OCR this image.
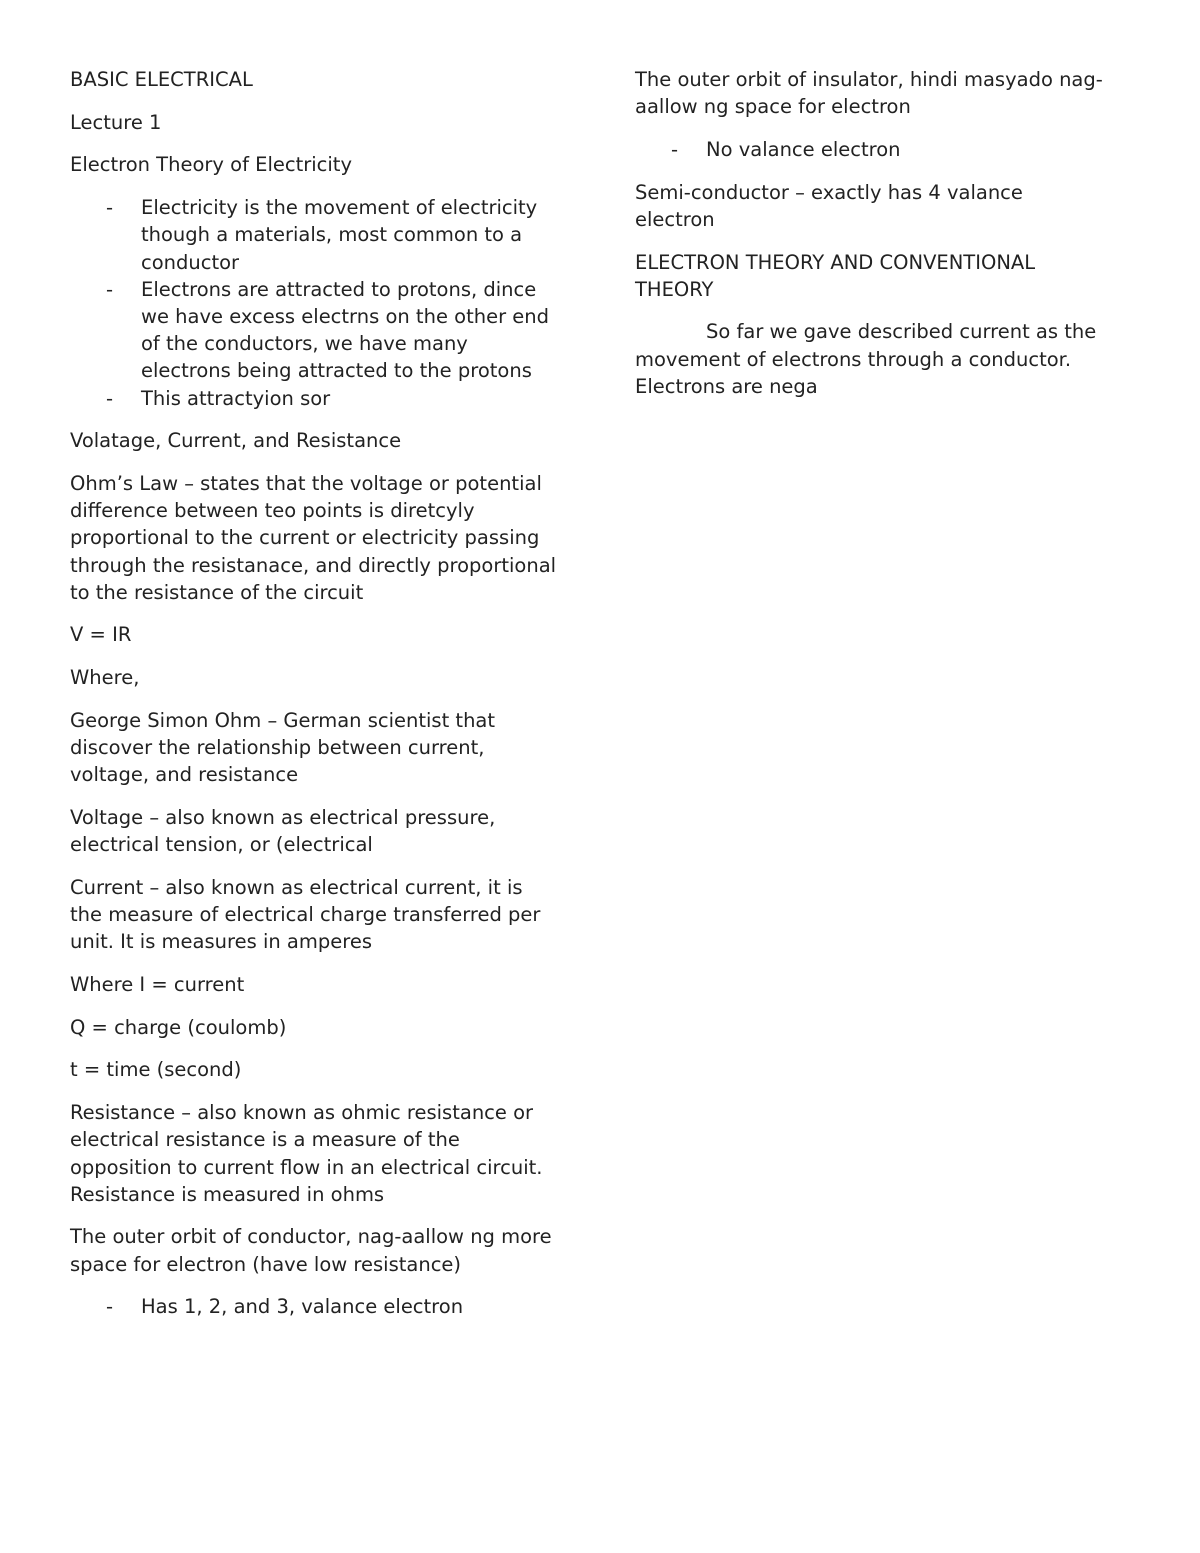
BASIC ELECTRICAL

Lecture 1

Electron Theory of Electricity

- Electricity is the movement of electricity though a materials, most common to a conductor
- Electrons are attracted to protons, dince we have excess electrns on the other end of the conductors, we have many electrons being attracted to the protons
- This attractyion sor

Volatage, Current, and Resistance

Ohm’s Law – states that the voltage or potential difference between teo points is diretcyly proportional to the current or electricity passing through the resistanace, and directly proportional to the resistance of the circuit

V = IR

Where,

George Simon Ohm – German scientist that discover the relationship between current, voltage, and resistance

Voltage – also known as electrical pressure, electrical tension, or (electrical

Current – also known as electrical current, it is the measure of electrical charge transferred per unit. It is measures in amperes

Where I = current

Q = charge (coulomb)

t = time (second)

Resistance – also known as ohmic resistance or electrical resistance is a measure of the opposition to current flow in an electrical circuit. Resistance is measured in ohms

The outer orbit of conductor, nag-aallow ng more space for electron (have low resistance)

- Has 1, 2, and 3, valance electron

The outer orbit of insulator, hindi masyado nag-aallow ng space for electron

- No valance electron

Semi-conductor – exactly has 4 valance electron

ELECTRON THEORY AND CONVENTIONAL THEORY

So far we gave described current as the movement of electrons through a conductor. Electrons are nega
